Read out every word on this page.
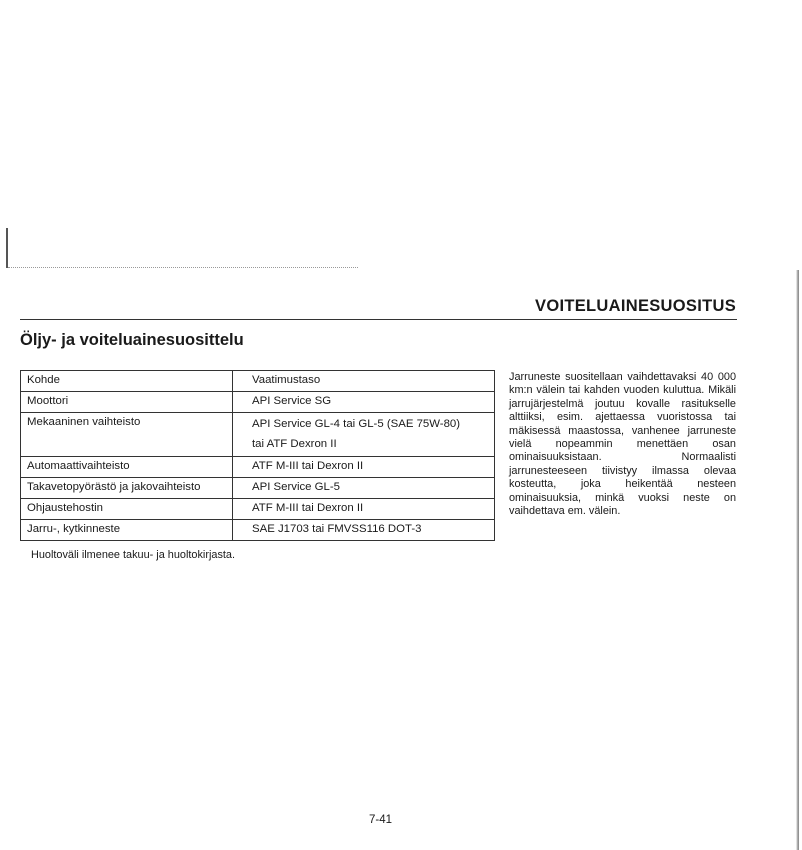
VOITELUAINESUOSITUS
Öljy- ja voiteluainesuosittelu
Kohde	Vaatimustaso
Moottori	API Service SG
Mekaaninen vaihteisto	API Service GL-4 tai GL-5 (SAE 75W-80)
tai ATF Dexron II

Automaattivaihteisto	ATF M-III tai Dexron II
Takavetopyörästö ja jakovaihteisto	API Service GL-5
Ohjaustehostin	ATF M-III tai Dexron II
Jarru-, kytkinneste	SAE J1703 tai FMVSS116 DOT-3
Jarruneste suositellaan vaihdettavaksi 40 000 km:n välein tai kahden vuoden kuluttua. Mikäli jarrujärjestelmä joutuu kovalle rasitukselle alttiiksi, esim. ajettaessa vuoristossa tai mäkisessä maastossa, vanhenee jarruneste vielä nopeammin menettäen osan ominaisuuksistaan. Normaalisti jarrunesteeseen tiivistyy ilmassa olevaa kosteutta, joka heikentää nesteen ominaisuuksia, minkä vuoksi neste on vaihdettava em. välein.
Huoltoväli ilmenee takuu- ja huoltokirjasta.
7-41
